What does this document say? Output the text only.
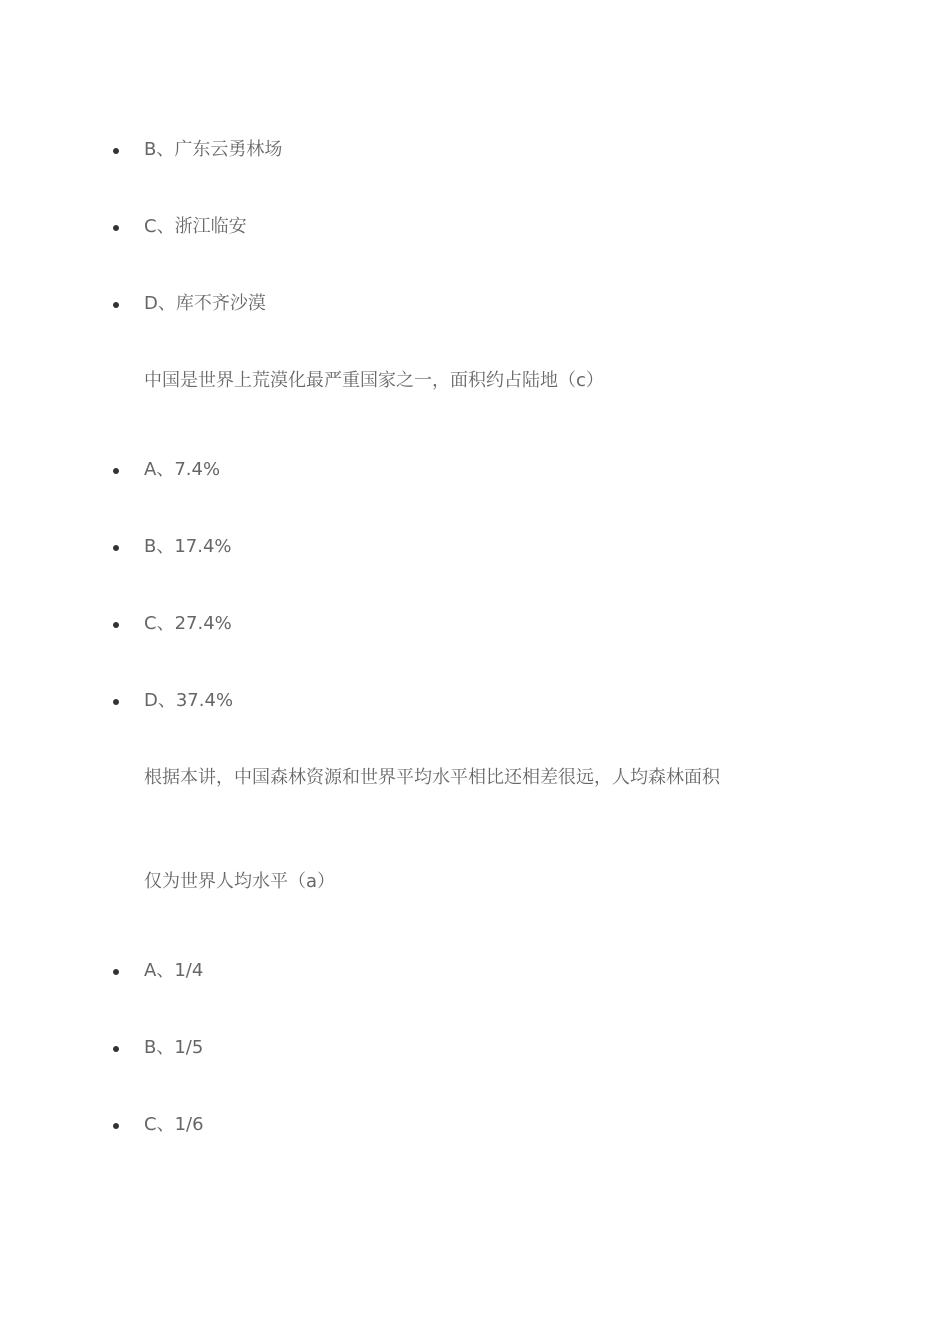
B、广东云勇林场
C、浙江临安
D、库不齐沙漠
中国是世界上荒漠化最严重国家之一，面积约占陆地（c）
A、7.4%
B、17.4%
C、27.4%
D、37.4%
根据本讲，中国森林资源和世界平均水平相比还相差很远，人均森林面积
仅为世界人均水平（a）
A、1/4
B、1/5
C、1/6
